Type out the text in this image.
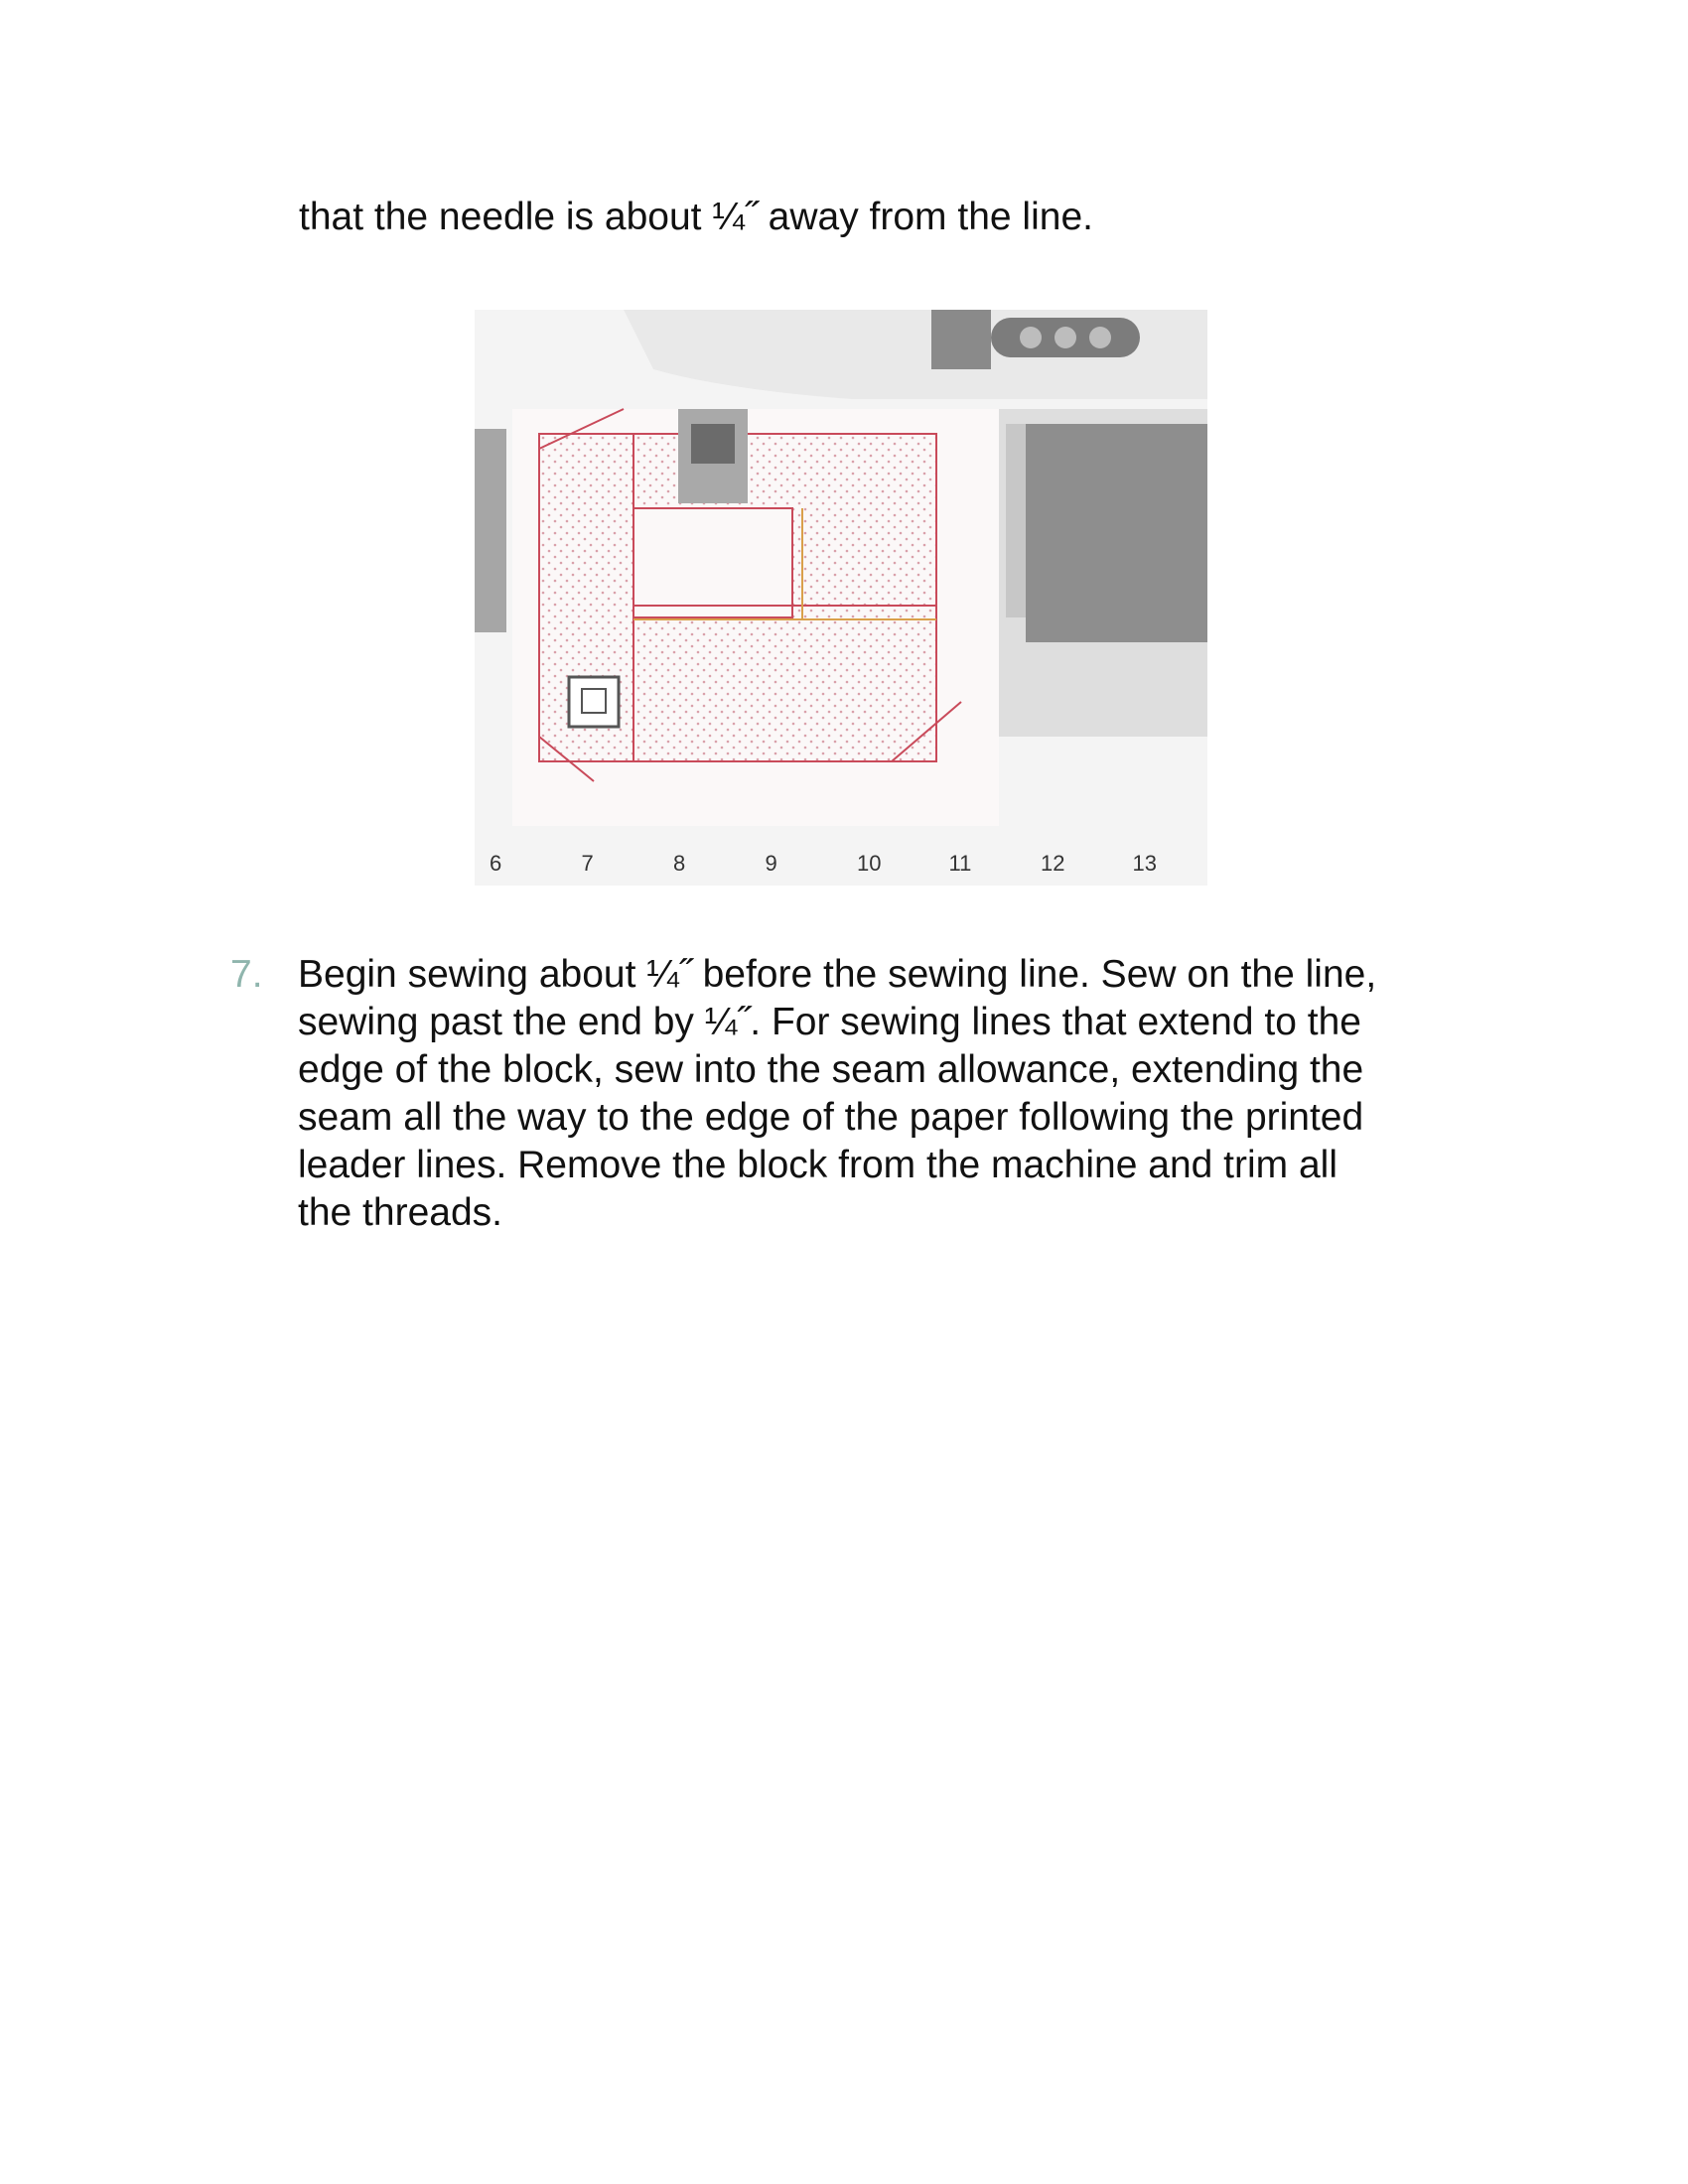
that the needle is about ¼˝ away from the line.

6	7	8	9	10	11	12	13
7. Begin sewing about ¼˝ before the sewing line. Sew on the line,
sewing past the end by ¼˝. For sewing lines that extend to the
edge of the block, sew into the seam allowance, extending the
seam all the way to the edge of the paper following the printed
leader lines. Remove the block from the machine and trim all
the threads.
